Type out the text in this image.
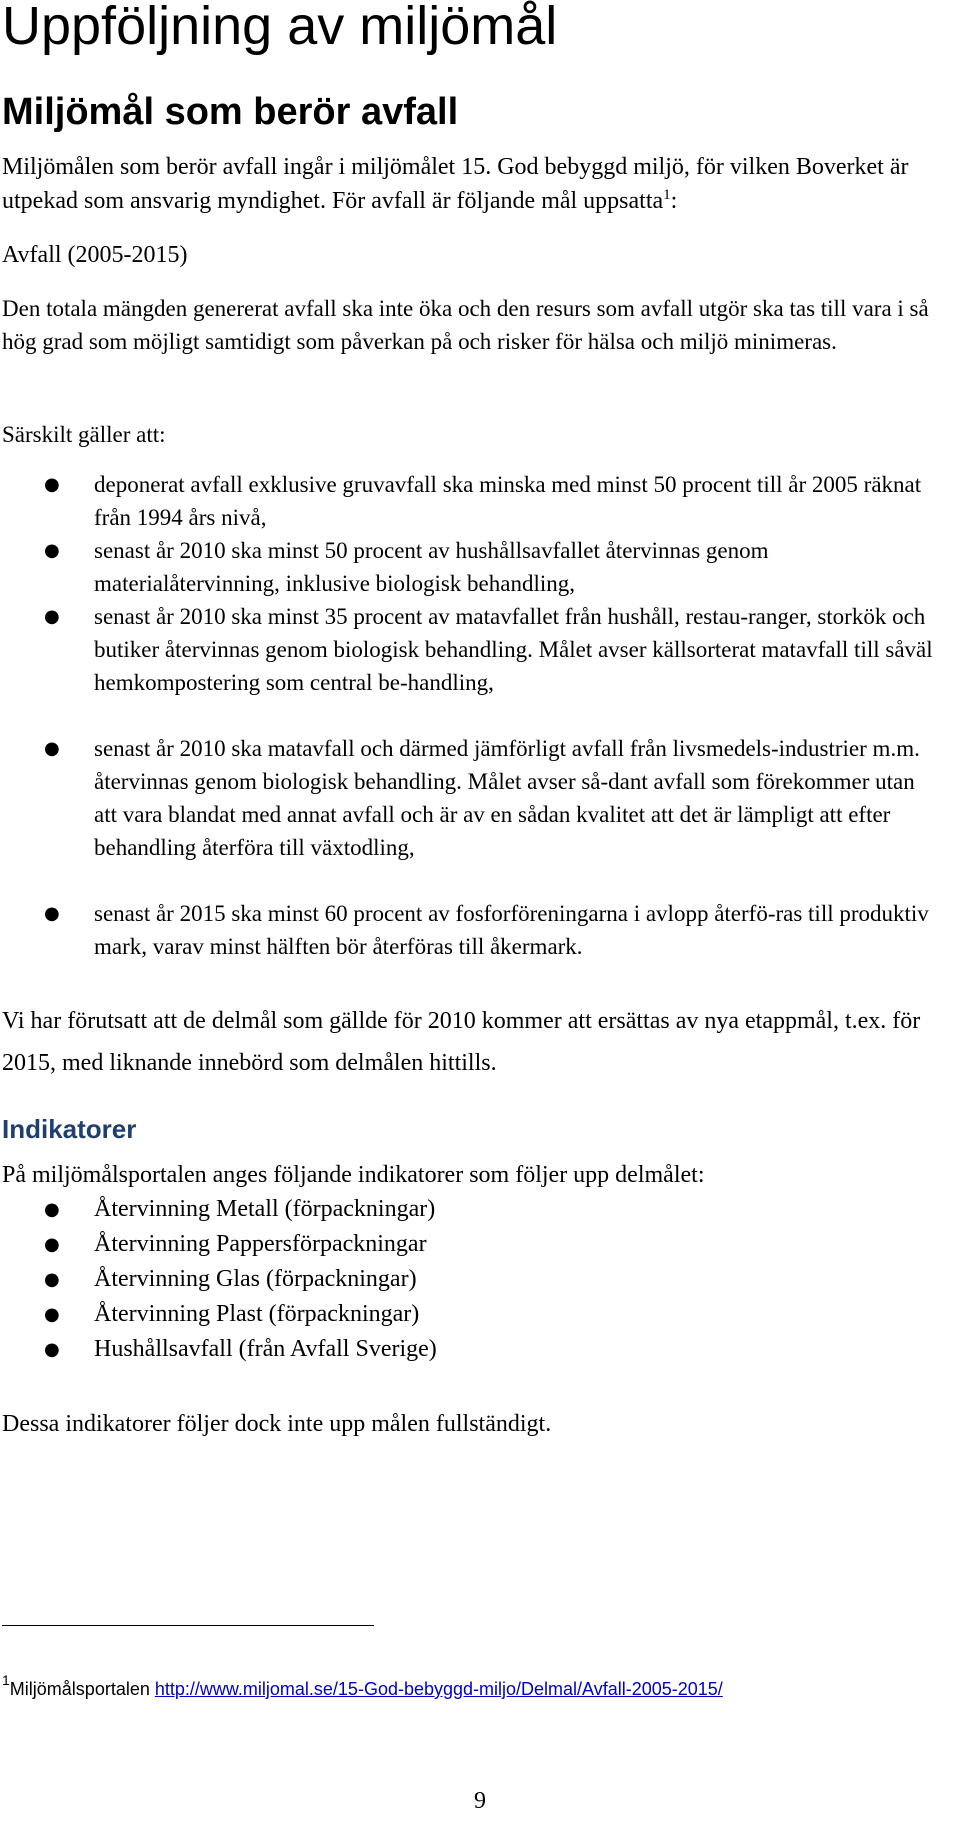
Uppföljning av miljömål
Miljömål som berör avfall

Miljömålen som berör avfall ingår i miljömålet 15. God bebyggd miljö, för vilken Boverket är utpekad som ansvarig myndighet. För avfall är följande mål uppsatta$^1$:

Avfall (2005-2015)

Den totala mängden genererat avfall ska inte öka och den resurs som avfall utgör ska tas till vara i så hög grad som möjligt samtidigt som påverkan på och risker för hälsa och miljö minimeras.

Särskilt gäller att:

● deponerat avfall exklusive gruvavfall ska minska med minst 50 procent till år 2005 räknat från 1994 års nivå,
● senast år 2010 ska minst 50 procent av hushållsavfallet återvinnas genom materialåtervinning, inklusive biologisk behandling,
● senast år 2010 ska minst 35 procent av matavfallet från hushåll, restau-ranger, storkök och butiker återvinnas genom biologisk behandling. Målet avser källsorterat matavfall till såväl hemkompostering som central be-handling,
● senast år 2010 ska matavfall och därmed jämförligt avfall från livsmedels-industrier m.m. återvinnas genom biologisk behandling. Målet avser så-dant avfall som förekommer utan att vara blandat med annat avfall och är av en sådan kvalitet att det är lämpligt att efter behandling återföra till växtodling,
● senast år 2015 ska minst 60 procent av fosforföreningarna i avlopp återfö-ras till produktiv mark, varav minst hälften bör återföras till åkermark.

Vi har förutsatt att de delmål som gällde för 2010 kommer att ersättas av nya etappmål, t.ex. för 2015, med liknande innebörd som delmålen hittills.

Indikatorer

På miljömålsportalen anges följande indikatorer som följer upp delmålet:

● Återvinning Metall (förpackningar)
● Återvinning Pappersförpackningar
● Återvinning Glas (förpackningar)
● Återvinning Plast (förpackningar)
● Hushållsavfall (från Avfall Sverige)

Dessa indikatorer följer dock inte upp målen fullständigt.

$^1$Miljömålsportalen http://www.miljomal.se/15-God-bebyggd-miljo/Delmal/Avfall-2005-2015/

9
